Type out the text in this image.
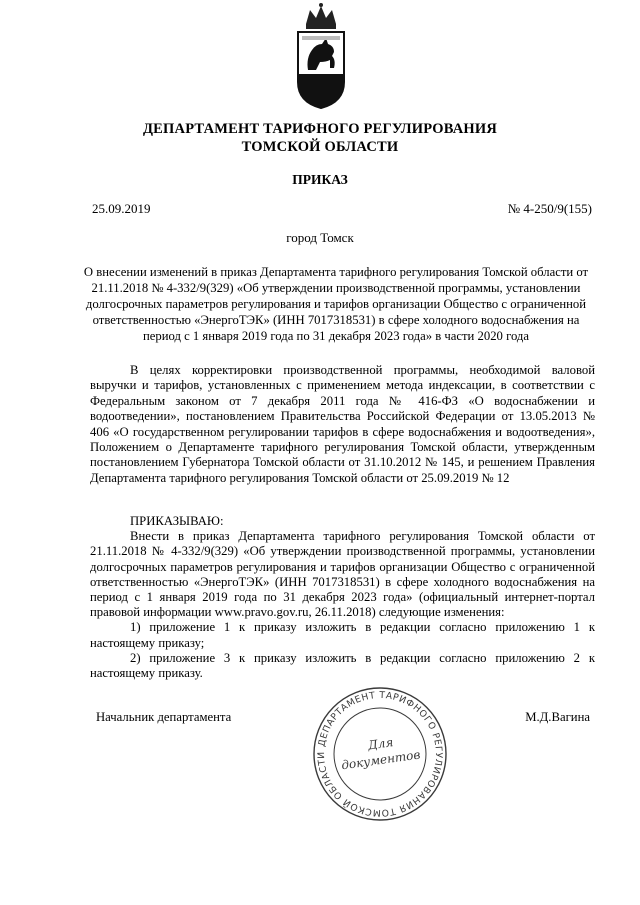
ДЕПАРТАМЕНТ ТАРИФНОГО РЕГУЛИРОВАНИЯ
ТОМСКОЙ ОБЛАСТИ
ПРИКАЗ
25.09.2019	№ 4-250/9(155)
город Томск
О внесении изменений в приказ Департамента тарифного регулирования Томской области от 21.11.2018 № 4-332/9(329) «Об утверждении производственной программы, установлении долгосрочных параметров регулирования и тарифов организации Общество с ограниченной ответственностью «ЭнергоТЭК» (ИНН 7017318531) в сфере холодного водоснабжения на период с 1 января 2019 года по 31 декабря 2023 года» в части 2020 года
В целях корректировки производственной программы, необходимой валовой выручки и тарифов, установленных с применением метода индексации, в соответствии с Федеральным законом от 7 декабря 2011 года № 416-ФЗ «О водоснабжении и водоотведении», постановлением Правительства Российской Федерации от 13.05.2013 № 406 «О государственном регулировании тарифов в сфере водоснабжения и водоотведения», Положением о Департаменте тарифного регулирования Томской области, утвержденным постановлением Губернатора Томской области от 31.10.2012 № 145, и решением Правления Департамента тарифного регулирования Томской области от 25.09.2019 № 12

ПРИКАЗЫВАЮ:

Внести в приказ Департамента тарифного регулирования Томской области от 21.11.2018 № 4-332/9(329) «Об утверждении производственной программы, установлении долгосрочных параметров регулирования и тарифов организации Общество с ограниченной ответственностью «ЭнергоТЭК» (ИНН 7017318531) в сфере холодного водоснабжения на период с 1 января 2019 года по 31 декабря 2023 года» (официальный интернет-портал правовой информации www.pravo.gov.ru, 26.11.2018) следующие изменения:

1) приложение 1 к приказу изложить в редакции согласно приложению 1 к настоящему приказу;

2) приложение 3 к приказу изложить в редакции согласно приложению 2 к настоящему приказу.

Начальник департамента	М.Д.Вагина
ДЕПАРТАМЕНТ ТАРИФНОГО РЕГУЛИРОВАНИЯ ТОМСКОЙ ОБЛАСТИ
Для
документов
